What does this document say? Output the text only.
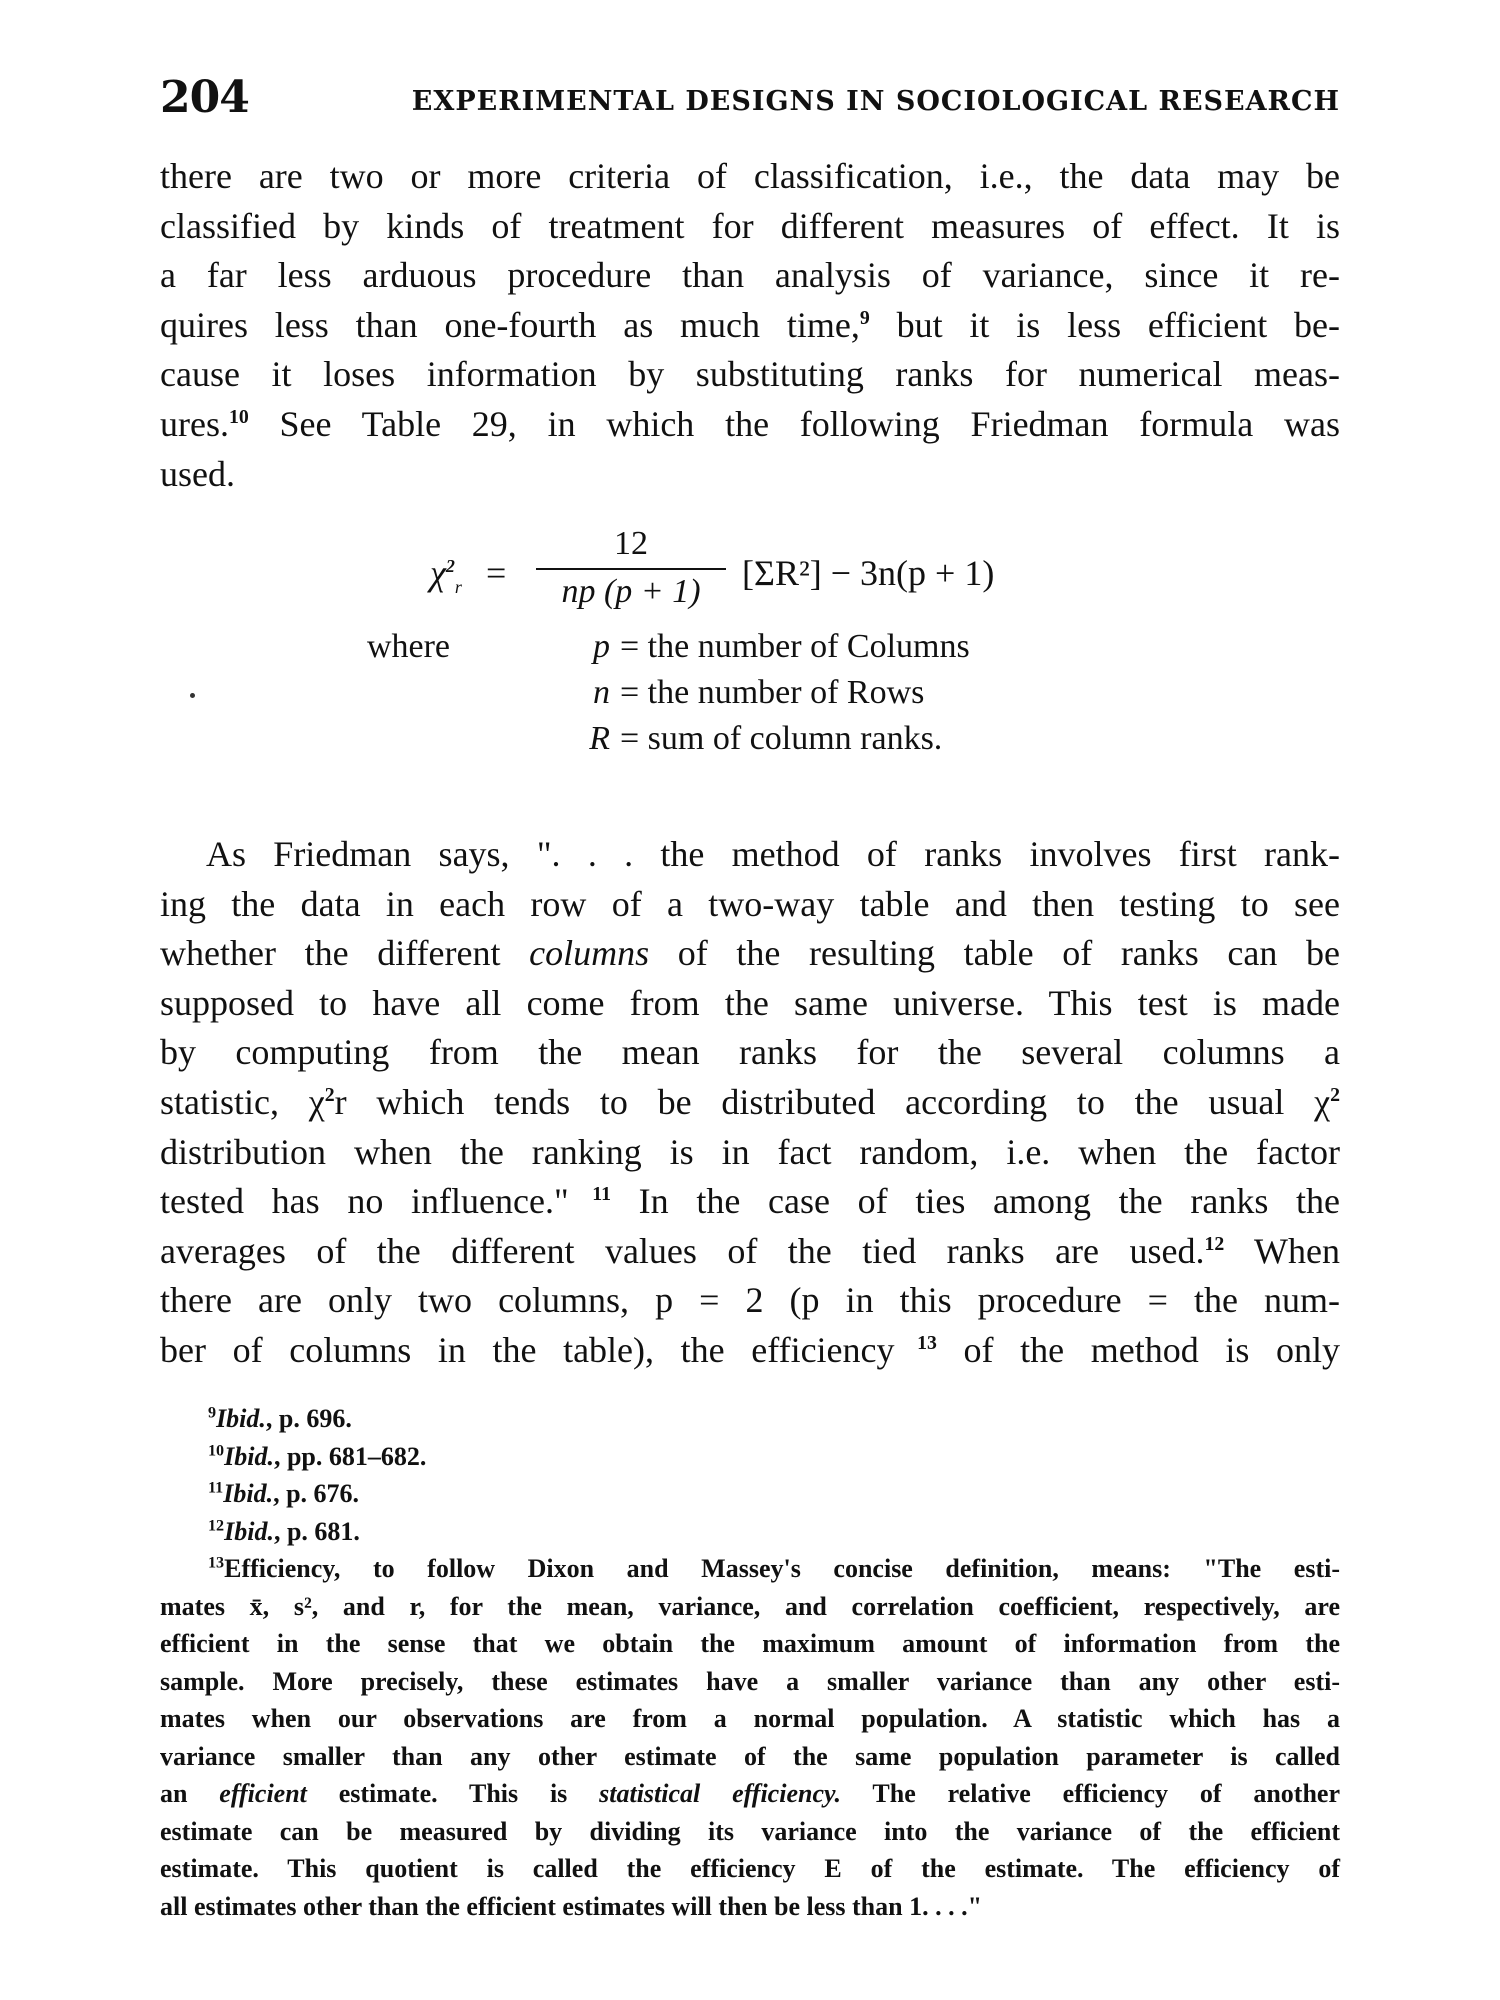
204	EXPERIMENTAL DESIGNS IN SOCIOLOGICAL RESEARCH
there are two or more criteria of classification, i.e., the data may be
classified by kinds of treatment for different measures of effect. It is
a far less arduous procedure than analysis of variance, since it re-
quires less than one-fourth as much time,$^9$ but it is less efficient be-
cause it loses information by substituting ranks for numerical meas-
ures.$^{10}$ See Table 29, in which the following Friedman formula was
used.
$\chi^2_r$ =
12
np (p + 1)	[ΣR²] − 3n(p + 1)
where	p = the number of Columns
n = the number of Rows
R = sum of column ranks.
As Friedman says, ". . . the method of ranks involves first rank-
ing the data in each row of a two-way table and then testing to see
whether the different columns of the resulting table of ranks can be
supposed to have all come from the same universe. This test is made
by computing from the mean ranks for the several columns a
statistic, $\chi^2r$ which tends to be distributed according to the usual $\chi^2$
distribution when the ranking is in fact random, i.e. when the factor
tested has no influence." $^{11}$ In the case of ties among the ranks the
averages of the different values of the tied ranks are used.$^{12}$ When
there are only two columns, p = 2 (p in this procedure = the num-
ber of columns in the table), the efficiency $^{13}$ of the method is only
$^9$Ibid., p. 696.
$^{10}$Ibid., pp. 681–682.
$^{11}$Ibid., p. 676.
$^{12}$Ibid., p. 681.
$^{13}$Efficiency, to follow Dixon and Massey's concise definition, means: "The esti-
mates x̄, s², and r, for the mean, variance, and correlation coefficient, respectively, are
efficient in the sense that we obtain the maximum amount of information from the
sample. More precisely, these estimates have a smaller variance than any other esti-
mates when our observations are from a normal population. A statistic which has a
variance smaller than any other estimate of the same population parameter is called
an efficient estimate. This is statistical efficiency. The relative efficiency of another
estimate can be measured by dividing its variance into the variance of the efficient
estimate. This quotient is called the efficiency E of the estimate. The efficiency of
all estimates other than the efficient estimates will then be less than 1. . . ."
